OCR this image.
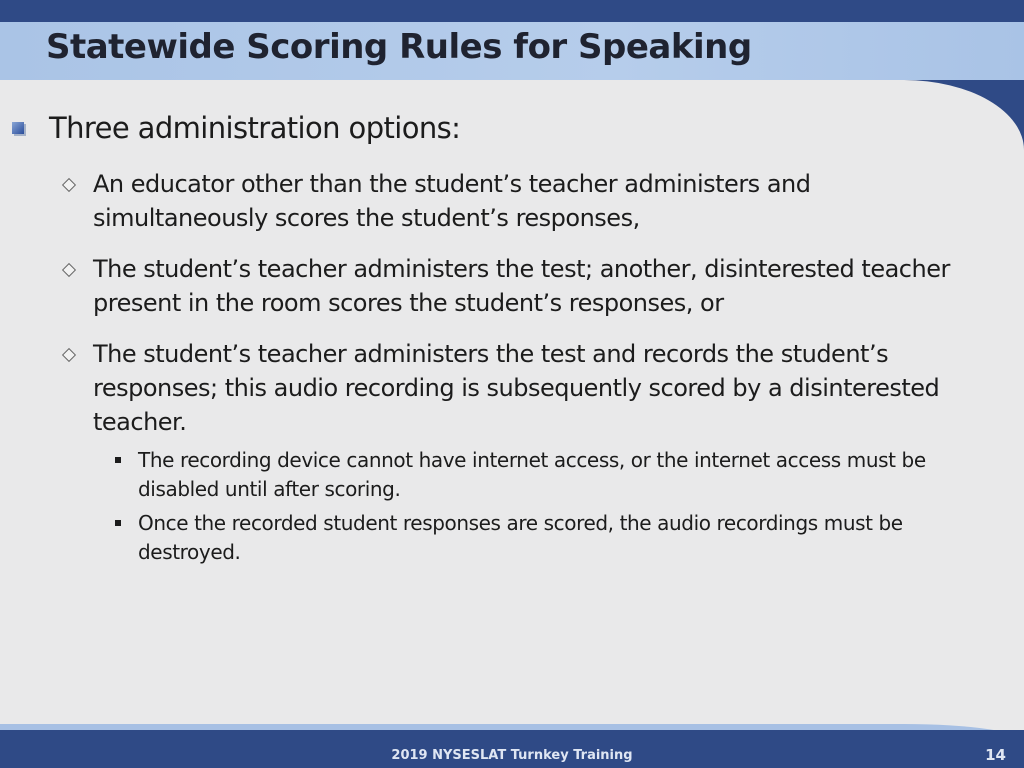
Statewide Scoring Rules for Speaking
Three administration options:
An educator other than the student’s teacher administers and simultaneously scores the student’s responses,
The student’s teacher administers the test; another, disinterested teacher present in the room scores the student’s responses, or
The student’s teacher administers the test and records the student’s responses; this audio recording is subsequently scored by a disinterested teacher.
The recording device cannot have internet access, or the internet access must be disabled until after scoring.
Once the recorded student responses are scored, the audio recordings must be destroyed.
2019 NYSESLAT Turnkey Training	14
